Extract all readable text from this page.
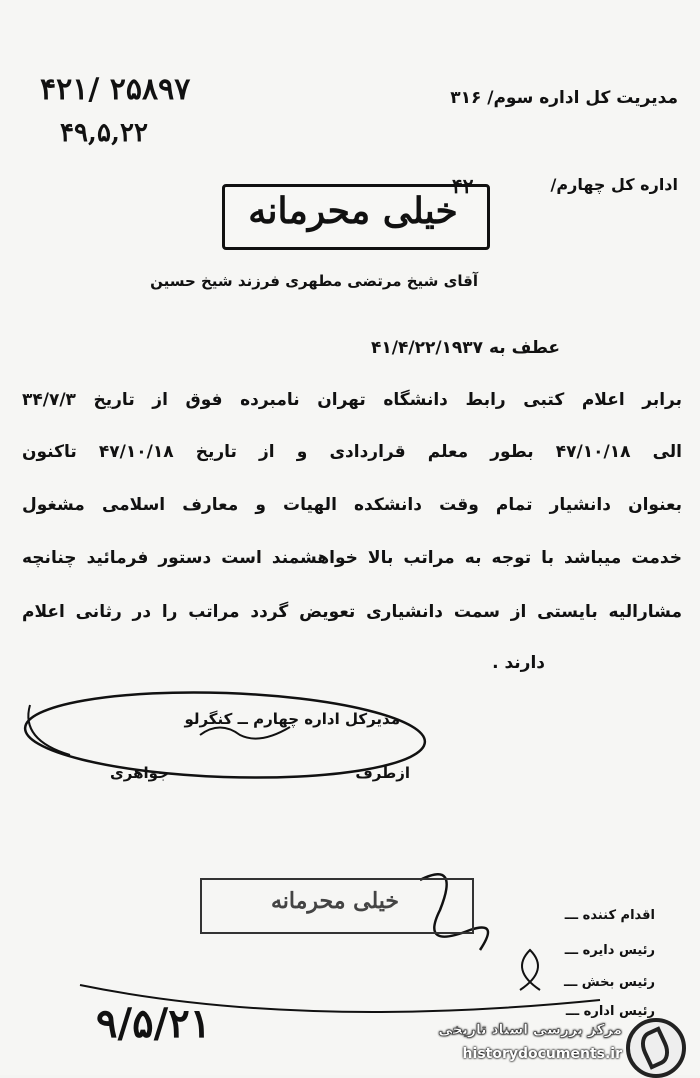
مدیریت کل اداره سوم/ ۳۱۶
۴۲۱/ ۲۵۸۹۷
۴۹,۵,۲۲
اداره کل چهارم/
خیلی محرمانه
۴۲
آقای شیخ مرتضی مطهری فرزند شیخ حسین
عطف به ۴۱/۴/۲۲/۱۹۳۷
برابر اعلام کتبی رابط دانشگاه تهران نامبرده فوق از تاریخ ۳۴/۷/۳
الی ۴۷/۱۰/۱۸ بطور معلم قراردادی و از تاریخ ۴۷/۱۰/۱۸ تاکنون
بعنوان دانشیار تمام وقت دانشکده الهیات و معارف اسلامی مشغول
خدمت میباشد با توجه به مراتب بالا خواهشمند است دستور فرمائید چنانچه
مشارالیه بایستی از سمت دانشیاری تعویض گردد مراتب را در رثانی اعلام
دارند .
مدیرکل اداره چهارم ــ کنگرلو
ازطرف
جواهری
خیلی محرمانه
اقدام کننده ـــ
رئیس دایره ـــ
رئیس بخش ـــ
رئیس اداره ـــ
۹/۵/۲۱	مرکز بررسی اسناد تاریخی
historydocuments.ir
